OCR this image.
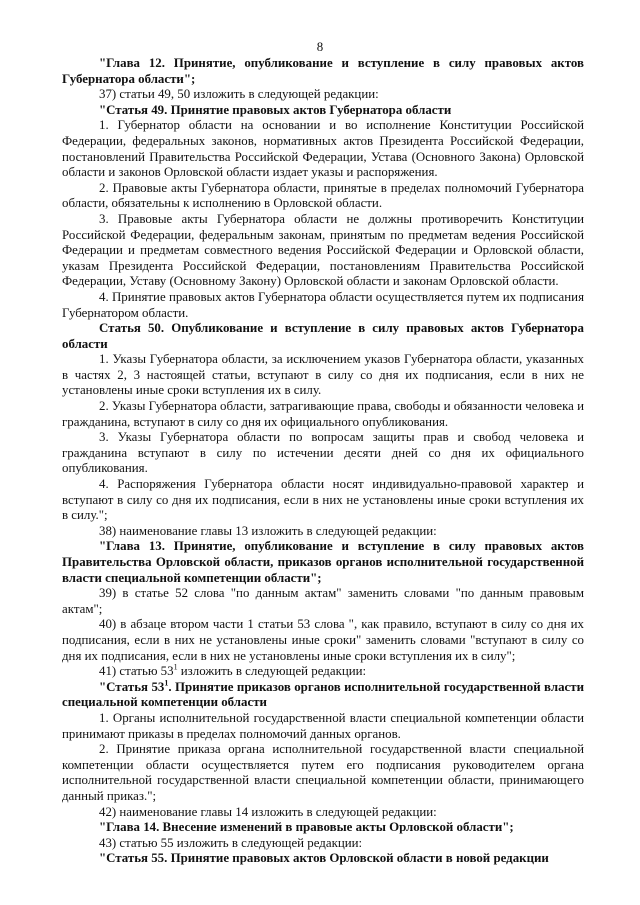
8

"Глава 12. Принятие, опубликование и вступление в силу правовых актов Губернатора области";

37) статьи 49, 50 изложить в следующей редакции:

"Статья 49. Принятие правовых актов Губернатора области

1. Губернатор области на основании и во исполнение Конституции Российской Федерации, федеральных законов, нормативных актов Президента Российской Федерации, постановлений Правительства Российской Федерации, Устава (Основного Закона) Орловской области и законов Орловской области издает указы и распоряжения.

2. Правовые акты Губернатора области, принятые в пределах полномочий Губернатора области, обязательны к исполнению в Орловской области.

3. Правовые акты Губернатора области не должны противоречить Конституции Российской Федерации, федеральным законам, принятым по предметам ведения Российской Федерации и предметам совместного ведения Российской Федерации и Орловской области, указам Президента Российской Федерации, постановлениям Правительства Российской Федерации, Уставу (Основному Закону) Орловской области и законам Орловской области.

4. Принятие правовых актов Губернатора области осуществляется путем их подписания Губернатором области.

Статья 50. Опубликование и вступление в силу правовых актов Губернатора области

1. Указы Губернатора области, за исключением указов Губернатора области, указанных в частях 2, 3 настоящей статьи, вступают в силу со дня их подписания, если в них не установлены иные сроки вступления их в силу.

2. Указы Губернатора области, затрагивающие права, свободы и обязанности человека и гражданина, вступают в силу со дня их официального опубликования.

3. Указы Губернатора области по вопросам защиты прав и свобод человека и гражданина вступают в силу по истечении десяти дней со дня их официального опубликования.

4. Распоряжения Губернатора области носят индивидуально-правовой характер и вступают в силу со дня их подписания, если в них не установлены иные сроки вступления их в силу.";

38) наименование главы 13 изложить в следующей редакции:

"Глава 13. Принятие, опубликование и вступление в силу правовых актов Правительства Орловской области, приказов органов исполнительной государственной власти специальной компетенции области";

39) в статье 52 слова "по данным актам" заменить словами "по данным правовым актам";

40) в абзаце втором части 1 статьи 53 слова ", как правило, вступают в силу со дня их подписания, если в них не установлены иные сроки" заменить словами "вступают в силу со дня их подписания, если в них не установлены иные сроки вступления их в силу";

41) статью $53^1$ изложить в следующей редакции:

"Статья $53^1$. Принятие приказов органов исполнительной государственной власти специальной компетенции области

1. Органы исполнительной государственной власти специальной компетенции области принимают приказы в пределах полномочий данных органов.

2. Принятие приказа органа исполнительной государственной власти специальной компетенции области осуществляется путем его подписания руководителем органа исполнительной государственной власти специальной компетенции области, принимающего данный приказ.";

42) наименование главы 14 изложить в следующей редакции:

"Глава 14. Внесение изменений в правовые акты Орловской области";

43) статью 55 изложить в следующей редакции:

"Статья 55. Принятие правовых актов Орловской области в новой редакции
